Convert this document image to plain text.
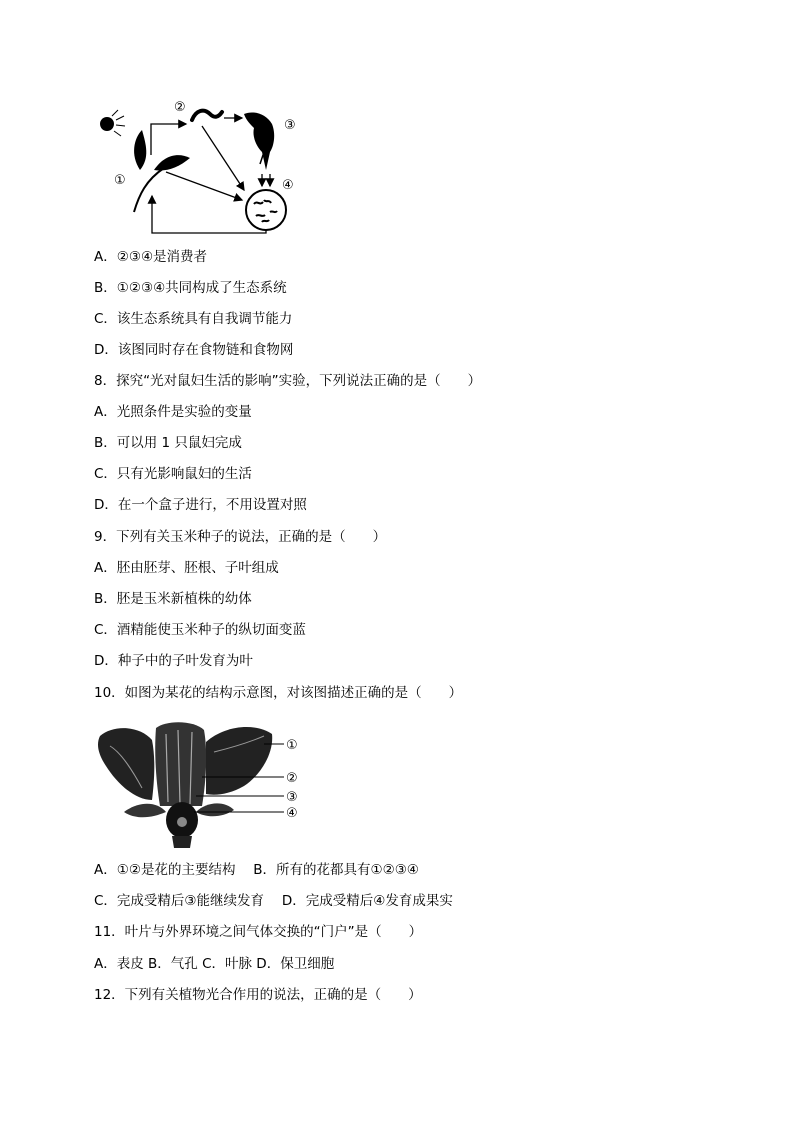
①
②
③
④
A．②③④是消费者
B．①②③④共同构成了生态系统
C．该生态系统具有自我调节能力
D．该图同时存在食物链和食物网
8．探究“光对鼠妇生活的影响”实验，下列说法正确的是（　　）
A．光照条件是实验的变量
B．可以用 1 只鼠妇完成
C．只有光影响鼠妇的生活
D．在一个盒子进行，不用设置对照
9．下列有关玉米种子的说法，正确的是（　　）
A．胚由胚芽、胚根、子叶组成
B．胚是玉米新植株的幼体
C．酒精能使玉米种子的纵切面变蓝
D．种子中的子叶发育为叶
10．如图为某花的结构示意图，对该图描述正确的是（　　）
①
②
③
④
A．①②是花的主要结构　 B．所有的花都具有①②③④
C．完成受精后③能继续发育　 D．完成受精后④发育成果实
11．叶片与外界环境之间气体交换的“门户”是（　　）
A．表皮 B．气孔 C．叶脉 D．保卫细胞
12．下列有关植物光合作用的说法，正确的是（　　）
